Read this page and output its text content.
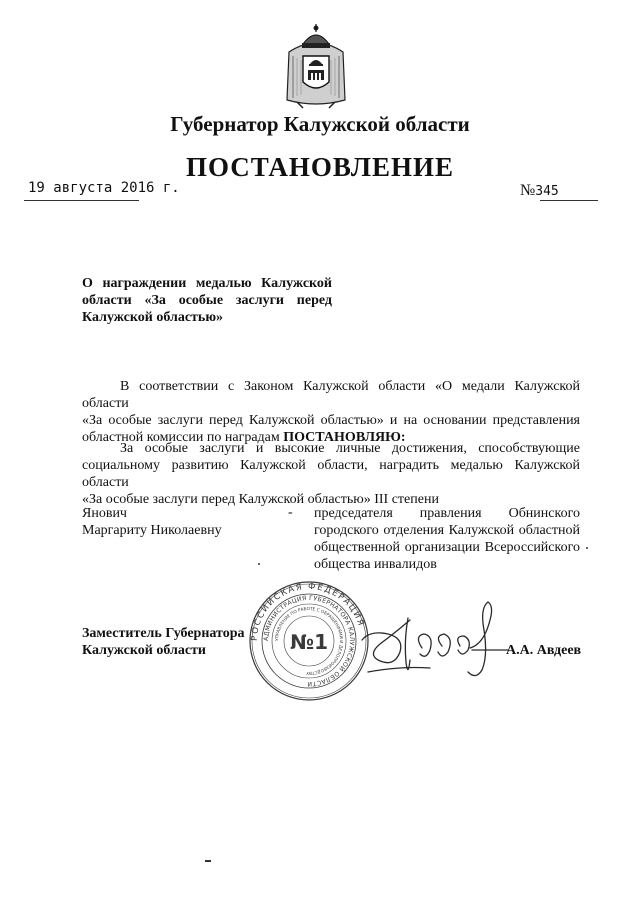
Губернатор Калужской области
ПОСТАНОВЛЕНИЕ
19 августа 2016 г.	№345
О награждении медалью Калужской
области «За особые заслуги перед
Калужской областью»
В соответствии с Законом Калужской области «О медали Калужской области
«За особые заслуги перед Калужской областью» и на основании представления
областной комиссии по наградам ПОСТАНОВЛЯЮ:
За особые заслуги и высокие личные достижения, способствующие
социальному развитию Калужской области, наградить медалью Калужской области
«За особые заслуги перед Калужской областью» III степени
Янович
Маргариту Николаевну
- председателя правления Обнинского
городского отделения Калужской областной
общественной организации Всероссийского
общества инвалидов
Заместитель Губернатора
Калужской области
РОССИЙСКАЯ ФЕДЕРАЦИЯ
АДМИНИСТРАЦИЯ ГУБЕРНАТОРА КАЛУЖСКОЙ ОБЛАСТИ
УПРАВЛЕНИЕ ПО РАБОТЕ С ОБРАЩЕНИЯМИ И ДЕЛОПРОИЗВОДСТВУ
№1	А.А. Авдеев
